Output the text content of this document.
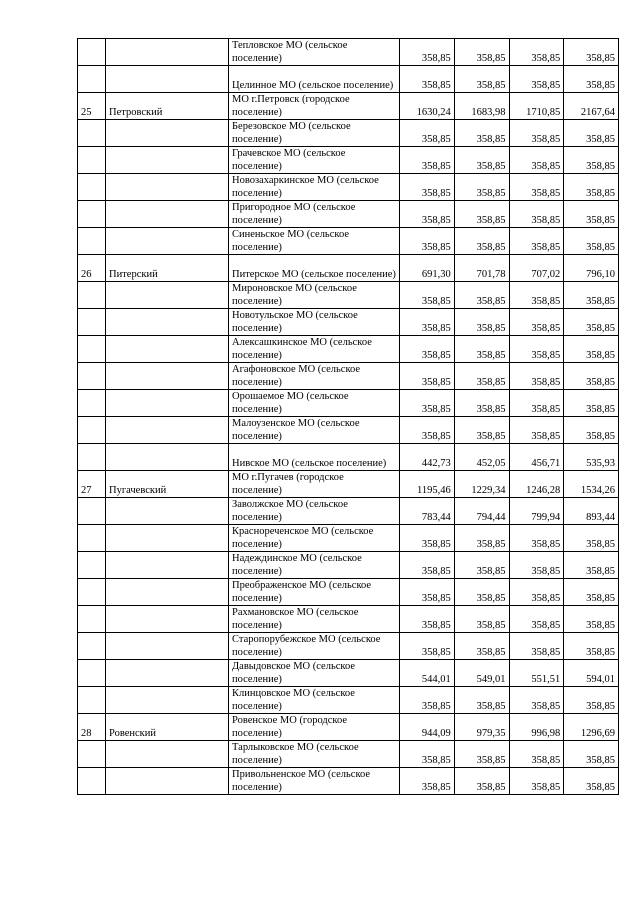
		Тепловское МО (сельское поселение)	358,85	358,85	358,85	358,85
		Целинное МО (сельское поселение)	358,85	358,85	358,85	358,85
25	Петровский	МО г.Петровск (городское поселение)	1630,24	1683,98	1710,85	2167,64
		Березовское МО (сельское поселение)	358,85	358,85	358,85	358,85
		Грачевское МО (сельское поселение)	358,85	358,85	358,85	358,85
		Новозахаркинское МО (сельское поселение)	358,85	358,85	358,85	358,85
		Пригородное МО (сельское поселение)	358,85	358,85	358,85	358,85
		Синеньское МО (сельское поселение)	358,85	358,85	358,85	358,85
26	Питерский	Питерское МО (сельское поселение)	691,30	701,78	707,02	796,10
		Мироновское МО (сельское поселение)	358,85	358,85	358,85	358,85
		Новотульское МО (сельское поселение)	358,85	358,85	358,85	358,85
		Алексашкинское МО (сельское поселение)	358,85	358,85	358,85	358,85
		Агафоновское МО (сельское поселение)	358,85	358,85	358,85	358,85
		Орошаемое МО (сельское поселение)	358,85	358,85	358,85	358,85
		Малоузенское МО (сельское поселение)	358,85	358,85	358,85	358,85
		Нивское МО (сельское поселение)	442,73	452,05	456,71	535,93
27	Пугачевский	МО г.Пугачев (городское поселение)	1195,46	1229,34	1246,28	1534,26
		Заволжское МО (сельское поселение)	783,44	794,44	799,94	893,44
		Краснореченское МО (сельское поселение)	358,85	358,85	358,85	358,85
		Надеждинское МО (сельское поселение)	358,85	358,85	358,85	358,85
		Преображенское МО (сельское поселение)	358,85	358,85	358,85	358,85
		Рахмановское МО (сельское поселение)	358,85	358,85	358,85	358,85
		Старопорубежское МО (сельское поселение)	358,85	358,85	358,85	358,85
		Давыдовское МО (сельское поселение)	544,01	549,01	551,51	594,01
		Клинцовское МО (сельское поселение)	358,85	358,85	358,85	358,85
28	Ровенский	Ровенское МО (городское поселение)	944,09	979,35	996,98	1296,69
		Тарлыковское МО (сельское поселение)	358,85	358,85	358,85	358,85
		Привольненское МО (сельское поселение)	358,85	358,85	358,85	358,85
